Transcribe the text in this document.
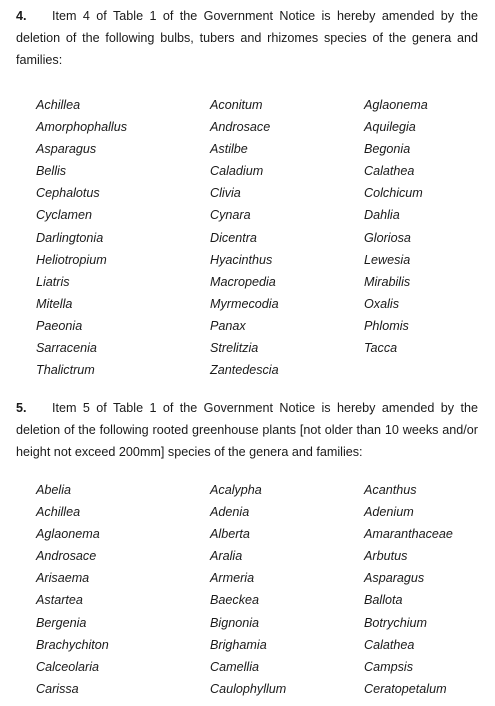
4. Item 4 of Table 1 of the Government Notice is hereby amended by the deletion of the following bulbs, tubers and rhizomes species of the genera and families:

Achillea
Amorphophallus
Asparagus
Bellis
Cephalotus
Cyclamen
Darlingtonia
Heliotropium
Liatris
Mitella
Paeonia
Sarracenia
Thalictrum
Aconitum
Androsace
Astilbe
Caladium
Clivia
Cynara
Dicentra
Hyacinthus
Macropedia
Myrmecodia
Panax
Strelitzia
Zantedescia
Aglaonema
Aquilegia
Begonia
Calathea
Colchicum
Dahlia
Gloriosa
Lewesia
Mirabilis
Oxalis
Phlomis
Tacca

5. Item 5 of Table 1 of the Government Notice is hereby amended by the deletion of the following rooted greenhouse plants [not older than 10 weeks and/or height not exceed 200mm] species of the genera and families:

Abelia
Achillea
Aglaonema
Androsace
Arisaema
Astartea
Bergenia
Brachychiton
Calceolaria
Carissa
Acalypha
Adenia
Alberta
Aralia
Armeria
Baeckea
Bignonia
Brighamia
Camellia
Caulophyllum
Acanthus
Adenium
Amaranthaceae
Arbutus
Asparagus
Ballota
Botrychium
Calathea
Campsis
Ceratopetalum
